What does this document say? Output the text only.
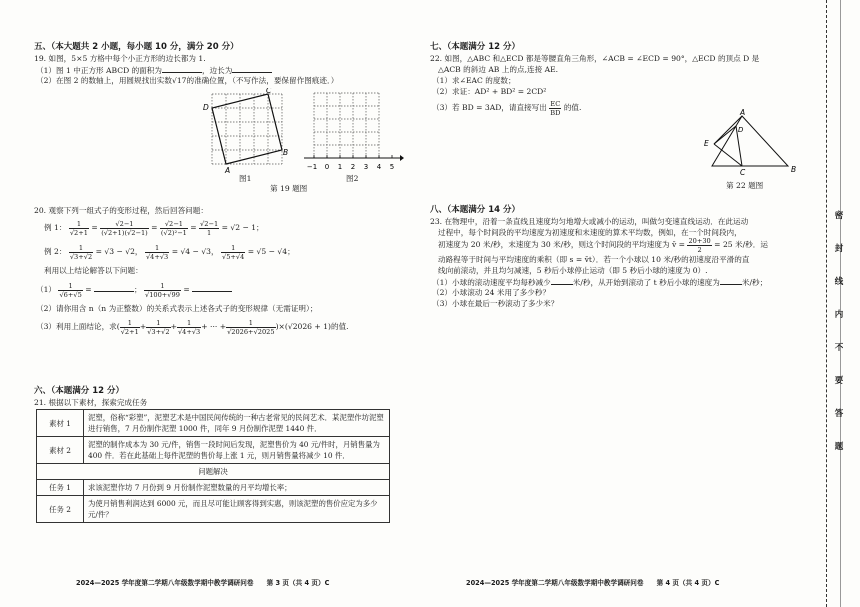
五、（本大题共 2 小题，每小题 10 分，满分 20 分）
19. 如图，5×5 方格中每个小正方形的边长都为 1.
（1）图 1 中正方形 ABCD 的面积为	，边长为
（2）在图 2 的数轴上，用圆规找出实数√17的准确位置，（不写作法，要保留作图痕迹．）
A
B
C
D
图1
−1 0 1 2 3 4 5
图2
第 19 题图
20. 观察下列一组式子的变形过程，然后回答问题：
例 1： $\frac{1}{√2+1} = \frac{√2-1}{(√2+1)(√2-1)} = \frac{√2-1}{\text{(√2)²−1}} = \frac{√2-1}{1} = √2 - 1$；
例 2： $\frac{1}{√3+√2} = √3 - √2$， $\frac{1}{√4+√3} = √4 - √3$， $\frac{1}{√5+√4} = √5 - √4$；
利用以上结论解答以下问题：
$(1) \frac{1}{√6+√5}$ =	； $\frac{1}{√100+√99}$ =
（2）请你用含 n（n 为正整数）的关系式表示上述各式子的变形规律（无需证明）；
（3）利用上面结论，求( $\frac{1}{√2+1} + \frac{1}{√3+√2} + \frac{1}{√4+√3}$ + ··· + $\frac{1}{√2026+√2025} )\times(√2026 + 1)$的值.
六、（本题满分 12 分）
21. 根据以下素材，探索完成任务
素材 1	泥塑，俗称“彩塑”，泥塑艺术是中国民间传统的一种古老常见的民间艺术．某泥塑作坊泥塑进行销售，7 月份制作泥塑 1000 件，同年 9 月份制作泥塑 1440 件．
素材 2	泥塑的制作成本为 30 元/件，销售一段时间后发现，泥塑售价为 40 元/件时，月销售量为 400 件．若在此基础上每件泥塑的售价每上涨 1 元，则月销售量将减少 10 件．
问题解决	
任务 1	求该泥塑作坊 7 月份到 9 月份制作泥塑数量的月平均增长率；
任务 2	为使月销售利润达到 6000 元，而且尽可能让顾客得到实惠，则该泥塑的售价应定为多少元/件？
2024—2025 学年度第二学期八年级数学期中教学调研问卷　　第 3 页（共 4 页）C
七、（本题满分 12 分）
22. 如图，△ABC 和△ECD 都是等腰直角三角形，∠ACB = ∠ECD = 90°，△ECD 的顶点 D 是
△ACB 的斜边 AB 上的点,连接 AE.
（1）求∠EAC 的度数；
（2）求证：AD² + BD² = 2CD²
（3）若 BD = 3AD，请直接写出 $\frac{EC}{BD}$ 的值.
A
B
C
D
E
第 22 题图
八、（本题满分 14 分）
23. 在物理中，沿着一条直线且速度均匀地增大或减小的运动，叫做匀变速直线运动．在此运动
过程中，每个时间段的平均速度为初速度和末速度的算术平均数，例如，在一个时间段内，
初速度为 20 米/秒，末速度为 30 米/秒，则这个时间段的平均速度为 v̄ = $\frac{20+30}{2} = 25$ 米/秒．运
动路程等于时间与平均速度的乘积（即 s = v̄t）．若一个小球以 10 米/秒的初速度沿平滑的直
线向前滚动，并且均匀减速，5 秒后小球停止运动（即 5 秒后小球的速度为 0）.
（1）小球的滚动速度平均每秒减少	米/秒，从开始到滚动了 t 秒后小球的速度为	米/秒；
（2）小球滚动 24 米用了多少秒？
（3）小球在最后一秒滚动了多少米？
2024—2025 学年度第二学期八年级数学期中教学调研问卷　　第 4 页（共 4 页）C
密
封
线
内
不
要
答
题
